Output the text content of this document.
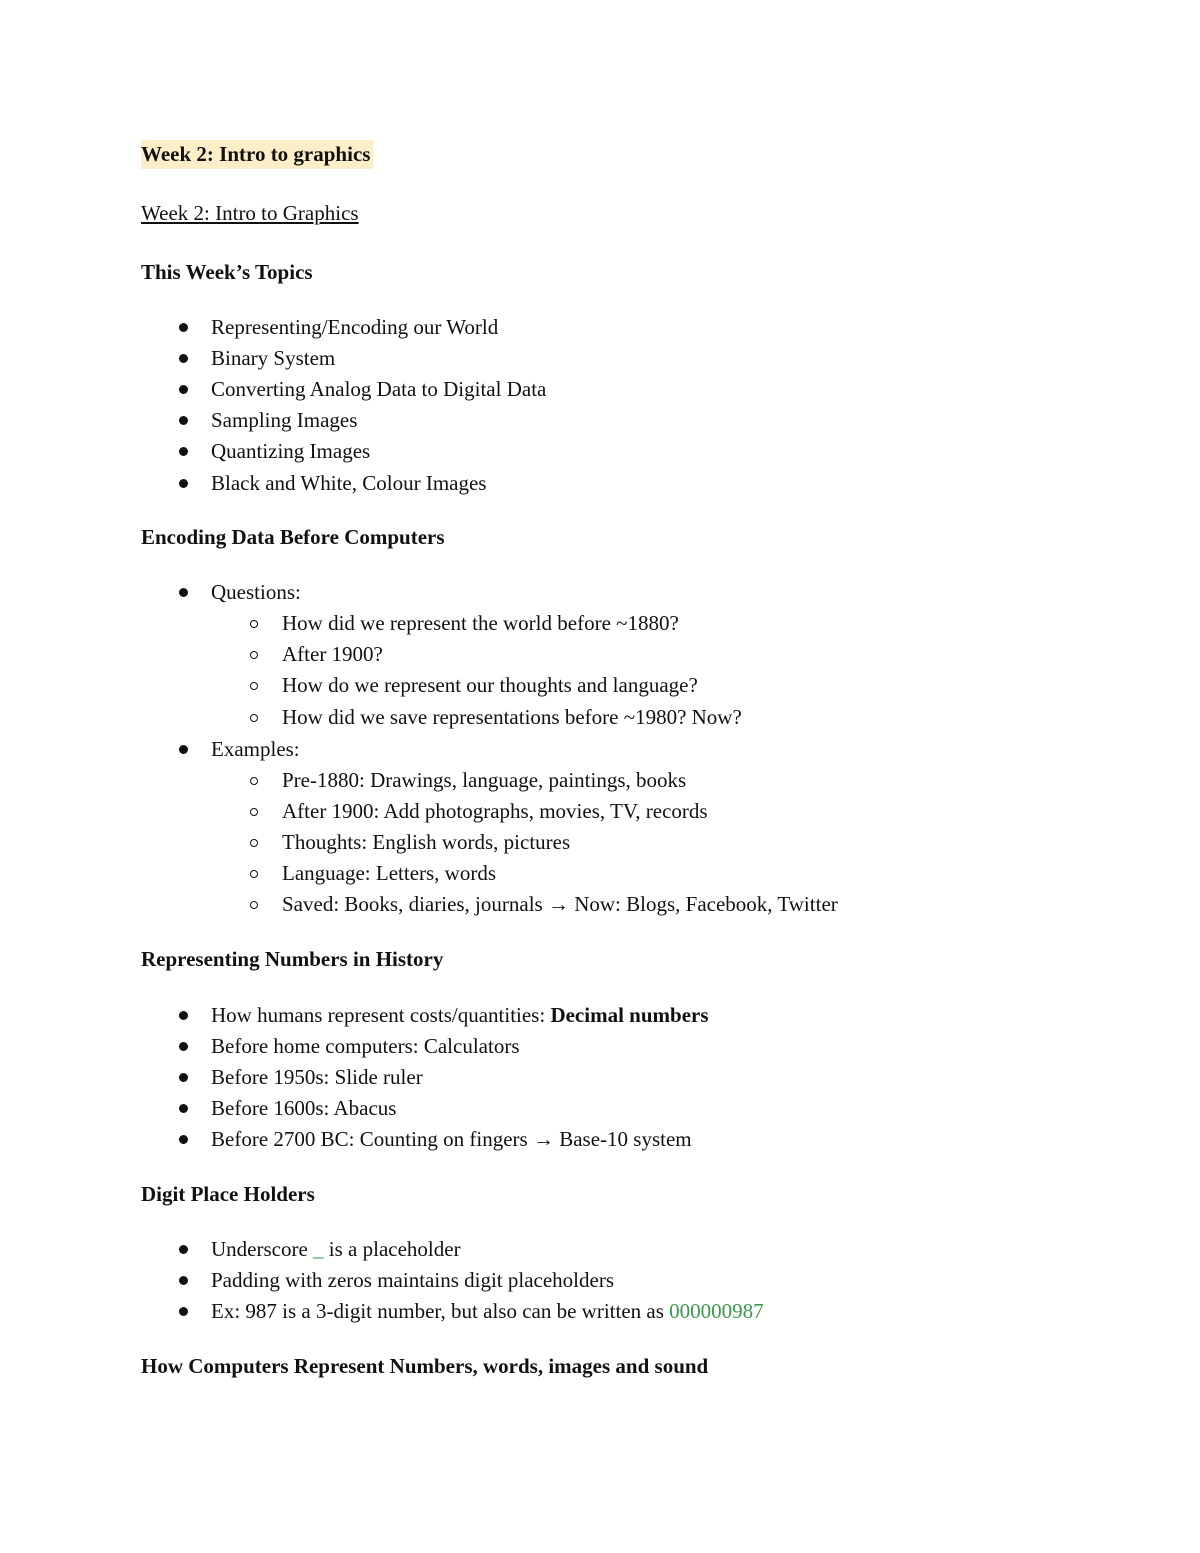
Week 2: Intro to graphics
Week 2: Intro to Graphics
This Week’s Topics
Representing/Encoding our World
Binary System
Converting Analog Data to Digital Data
Sampling Images
Quantizing Images
Black and White, Colour Images
Encoding Data Before Computers
Questions:
How did we represent the world before ~1880?
After 1900?
How do we represent our thoughts and language?
How did we save representations before ~1980? Now?
Examples:
Pre-1880: Drawings, language, paintings, books
After 1900: Add photographs, movies, TV, records
Thoughts: English words, pictures
Language: Letters, words
Saved: Books, diaries, journals → Now: Blogs, Facebook, Twitter
Representing Numbers in History
How humans represent costs/quantities: Decimal numbers
Before home computers: Calculators
Before 1950s: Slide ruler
Before 1600s: Abacus
Before 2700 BC: Counting on fingers → Base-10 system
Digit Place Holders
Underscore _ is a placeholder
Padding with zeros maintains digit placeholders
Ex: 987 is a 3-digit number, but also can be written as 000000987
How Computers Represent Numbers, words, images and sound
